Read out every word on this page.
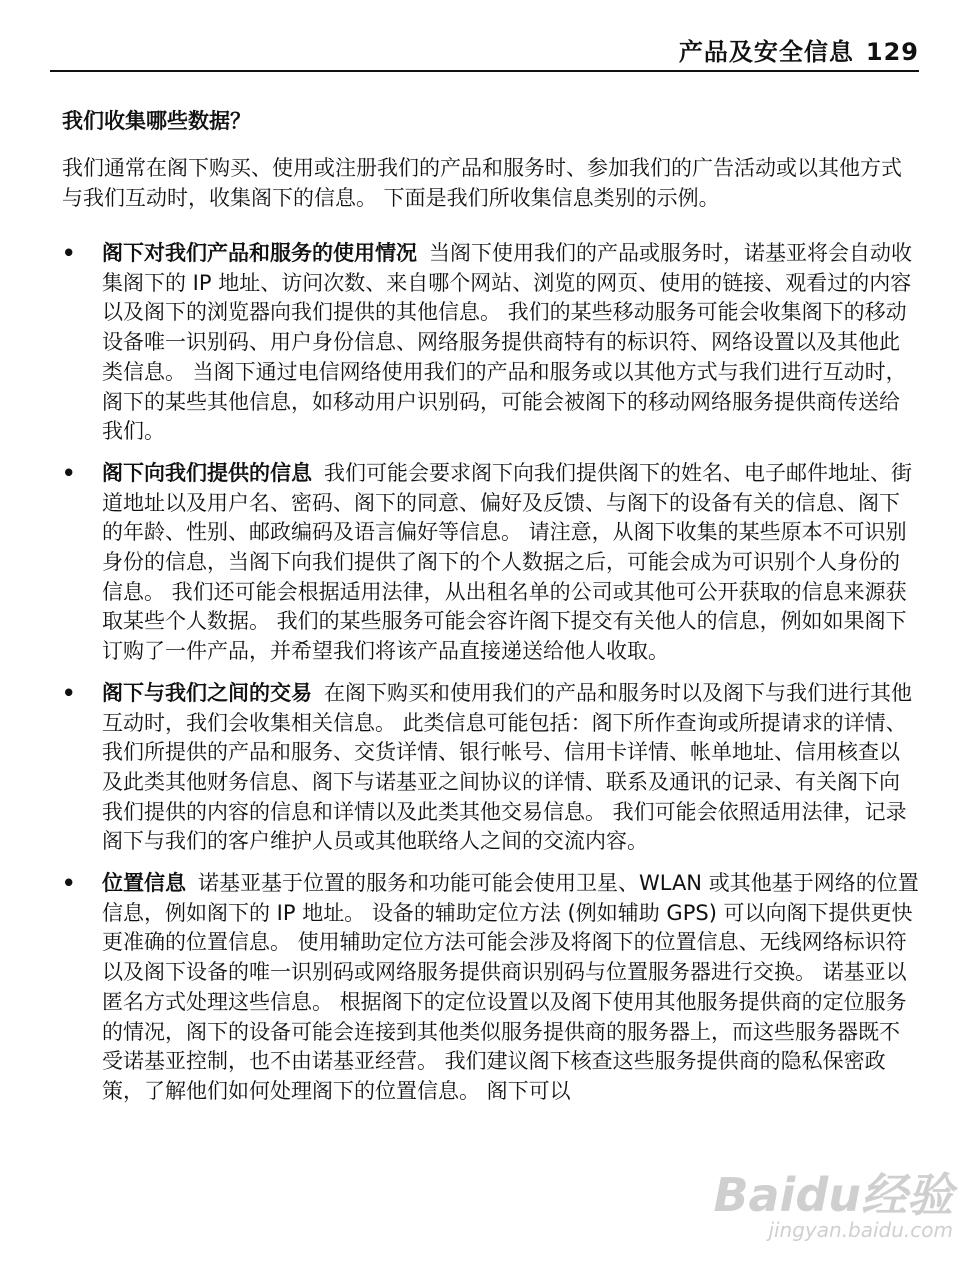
产品及安全信息 129
我们收集哪些数据？

我们通常在阁下购买、使用或注册我们的产品和服务时、参加我们的广告活动或以其他方式与我们互动时，收集阁下的信息。 下面是我们所收集信息类别的示例。

• 阁下对我们产品和服务的使用情况 当阁下使用我们的产品或服务时，诺基亚将会自动收集阁下的 IP 地址、访问次数、来自哪个网站、浏览的网页、使用的链接、观看过的内容以及阁下的浏览器向我们提供的其他信息。 我们的某些移动服务可能会收集阁下的移动设备唯一识别码、用户身份信息、网络服务提供商特有的标识符、网络设置以及其他此类信息。 当阁下通过电信网络使用我们的产品和服务或以其他方式与我们进行互动时，阁下的某些其他信息，如移动用户识别码，可能会被阁下的移动网络服务提供商传送给我们。
• 阁下向我们提供的信息 我们可能会要求阁下向我们提供阁下的姓名、电子邮件地址、街道地址以及用户名、密码、阁下的同意、偏好及反馈、与阁下的设备有关的信息、阁下的年龄、性别、邮政编码及语言偏好等信息。 请注意，从阁下收集的某些原本不可识别身份的信息，当阁下向我们提供了阁下的个人数据之后，可能会成为可识别个人身份的信息。 我们还可能会根据适用法律，从出租名单的公司或其他可公开获取的信息来源获取某些个人数据。 我们的某些服务可能会容许阁下提交有关他人的信息，例如如果阁下订购了一件产品，并希望我们将该产品直接递送给他人收取。
• 阁下与我们之间的交易 在阁下购买和使用我们的产品和服务时以及阁下与我们进行其他互动时，我们会收集相关信息。 此类信息可能包括：阁下所作查询或所提请求的详情、我们所提供的产品和服务、交货详情、银行帐号、信用卡详情、帐单地址、信用核查以及此类其他财务信息、阁下与诺基亚之间协议的详情、联系及通讯的记录、有关阁下向我们提供的内容的信息和详情以及此类其他交易信息。 我们可能会依照适用法律，记录阁下与我们的客户维护人员或其他联络人之间的交流内容。
• 位置信息 诺基亚基于位置的服务和功能可能会使用卫星、WLAN 或其他基于网络的位置信息，例如阁下的 IP 地址。 设备的辅助定位方法 (例如辅助 GPS) 可以向阁下提供更快更准确的位置信息。 使用辅助定位方法可能会涉及将阁下的位置信息、无线网络标识符以及阁下设备的唯一识别码或网络服务提供商识别码与位置服务器进行交换。 诺基亚以匿名方式处理这些信息。 根据阁下的定位设置以及阁下使用其他服务提供商的定位服务的情况，阁下的设备可能会连接到其他类似服务提供商的服务器上，而这些服务器既不受诺基亚控制，也不由诺基亚经营。 我们建议阁下核查这些服务提供商的隐私保密政策，了解他们如何处理阁下的位置信息。 阁下可以
Baidu经验
jingyan.baidu.com
